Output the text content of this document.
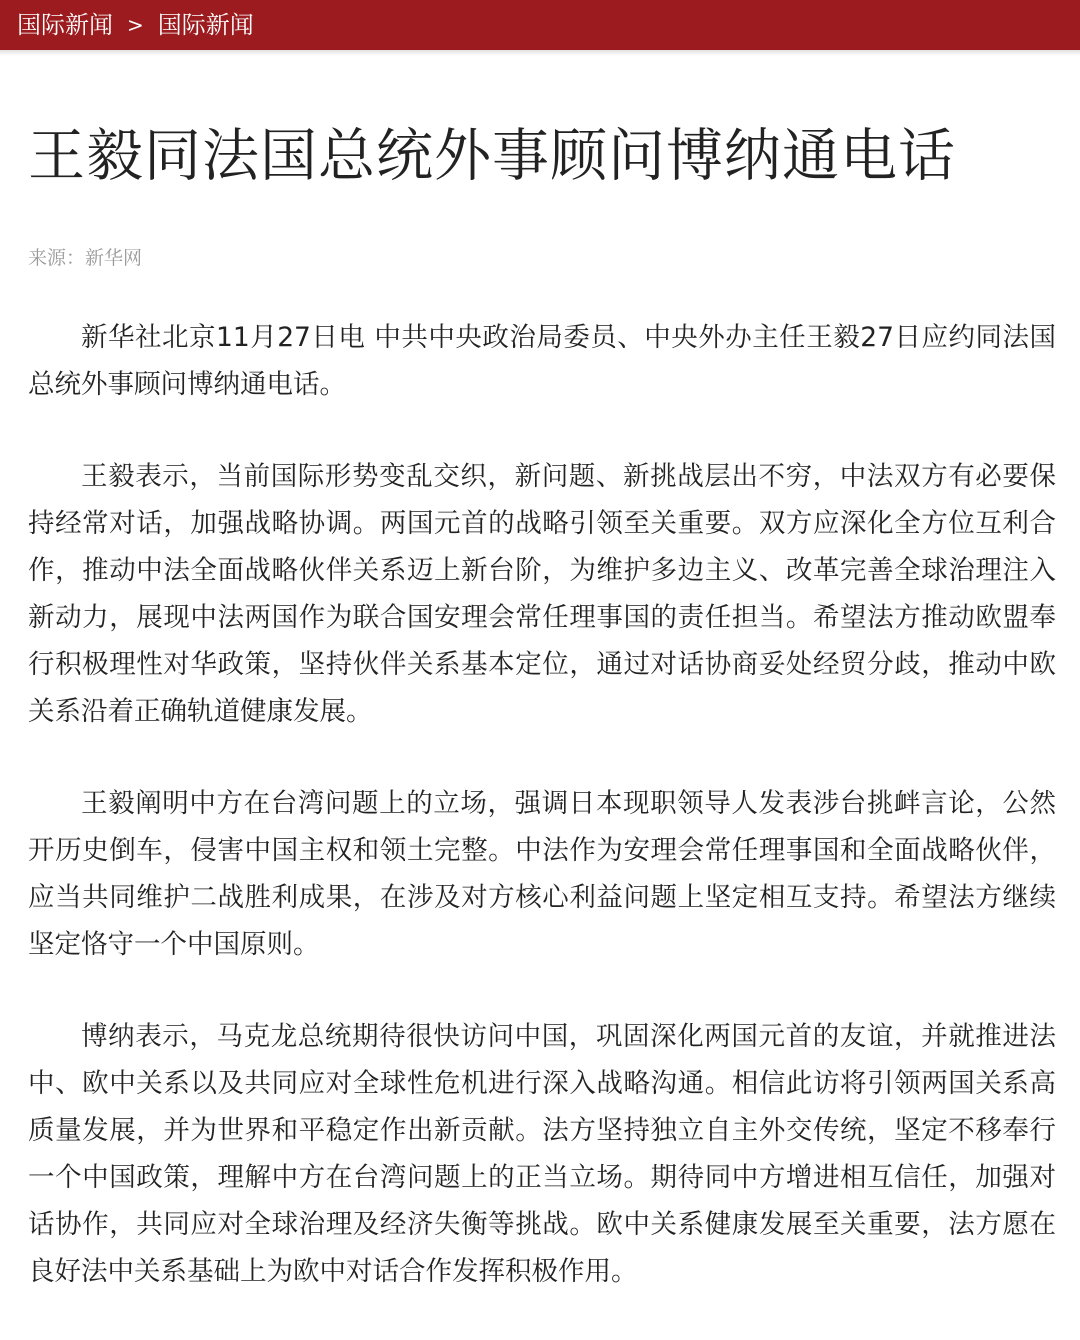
国际新闻 > 国际新闻
王毅同法国总统外事顾问博纳通电话
来源：新华网

新华社北京11月27日电 中共中央政治局委员、中央外办主任王毅27日应约同法国总统外事顾问博纳通电话。

王毅表示，当前国际形势变乱交织，新问题、新挑战层出不穷，中法双方有必要保持经常对话，加强战略协调。两国元首的战略引领至关重要。双方应深化全方位互利合作，推动中法全面战略伙伴关系迈上新台阶，为维护多边主义、改革完善全球治理注入新动力，展现中法两国作为联合国安理会常任理事国的责任担当。希望法方推动欧盟奉行积极理性对华政策，坚持伙伴关系基本定位，通过对话协商妥处经贸分歧，推动中欧关系沿着正确轨道健康发展。

王毅阐明中方在台湾问题上的立场，强调日本现职领导人发表涉台挑衅言论，公然开历史倒车，侵害中国主权和领土完整。中法作为安理会常任理事国和全面战略伙伴，应当共同维护二战胜利成果，在涉及对方核心利益问题上坚定相互支持。希望法方继续坚定恪守一个中国原则。

博纳表示，马克龙总统期待很快访问中国，巩固深化两国元首的友谊，并就推进法中、欧中关系以及共同应对全球性危机进行深入战略沟通。相信此访将引领两国关系高质量发展，并为世界和平稳定作出新贡献。法方坚持独立自主外交传统，坚定不移奉行一个中国政策，理解中方在台湾问题上的正当立场。期待同中方增进相互信任，加强对话协作，共同应对全球治理及经济失衡等挑战。欧中关系健康发展至关重要，法方愿在良好法中关系基础上为欧中对话合作发挥积极作用。
